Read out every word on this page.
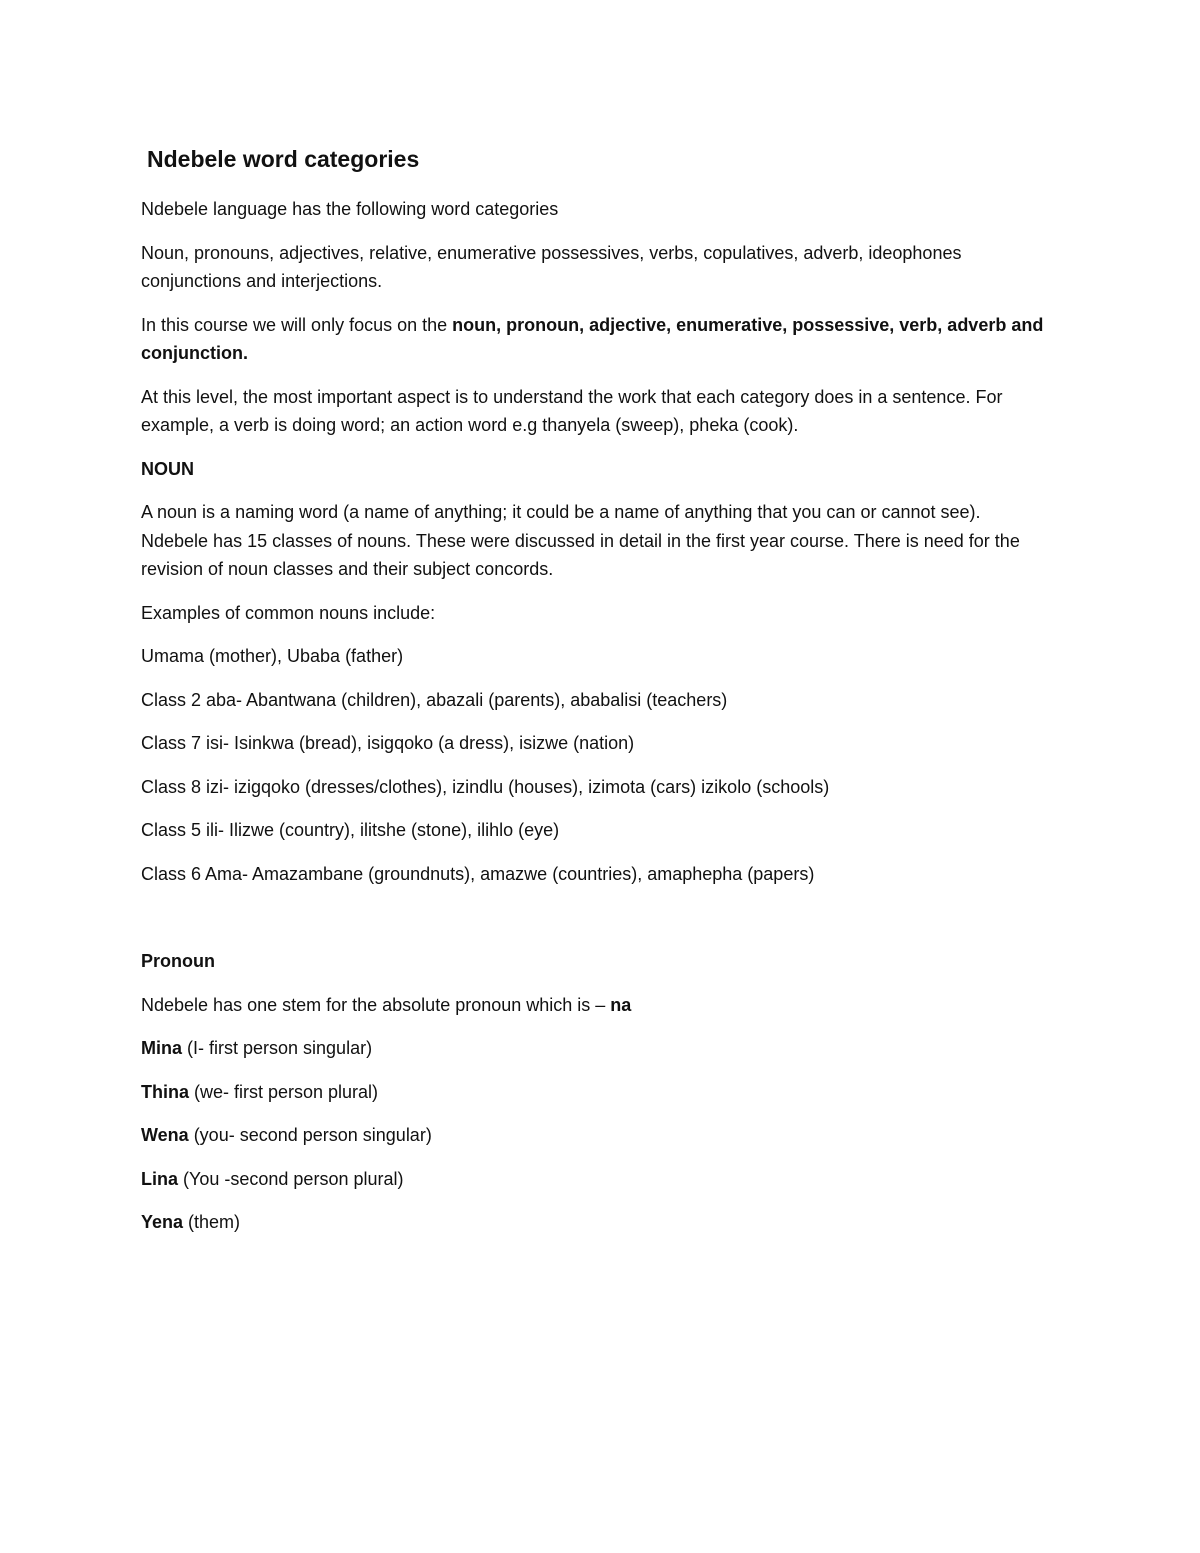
Ndebele word categories

Ndebele language has the following word categories

Noun, pronouns, adjectives, relative, enumerative possessives, verbs, copulatives, adverb, ideophones conjunctions and interjections.

In this course we will only focus on the noun, pronoun, adjective, enumerative, possessive, verb, adverb and conjunction.

At this level, the most important aspect is to understand the work that each category does in a sentence. For example, a verb is doing word; an action word e.g thanyela (sweep), pheka (cook).

NOUN

A noun is a naming word (a name of anything; it could be a name of anything that you can or cannot see). Ndebele has 15 classes of nouns. These were discussed in detail in the first year course. There is need for the revision of noun classes and their subject concords.

Examples of common nouns include:

Umama (mother), Ubaba (father)

Class 2 aba- Abantwana (children), abazali (parents), ababalisi (teachers)

Class 7 isi- Isinkwa (bread), isigqoko (a dress), isizwe (nation)

Class 8 izi- izigqoko (dresses/clothes), izindlu (houses), izimota (cars) izikolo (schools)

Class 5 ili- Ilizwe (country), ilitshe (stone), ilihlo (eye)

Class 6 Ama- Amazambane (groundnuts), amazwe (countries), amaphepha (papers)

Pronoun

Ndebele has one stem for the absolute pronoun which is – na

Mina (I- first person singular)

Thina (we- first person plural)

Wena (you- second person singular)

Lina (You -second person plural)

Yena (them)
